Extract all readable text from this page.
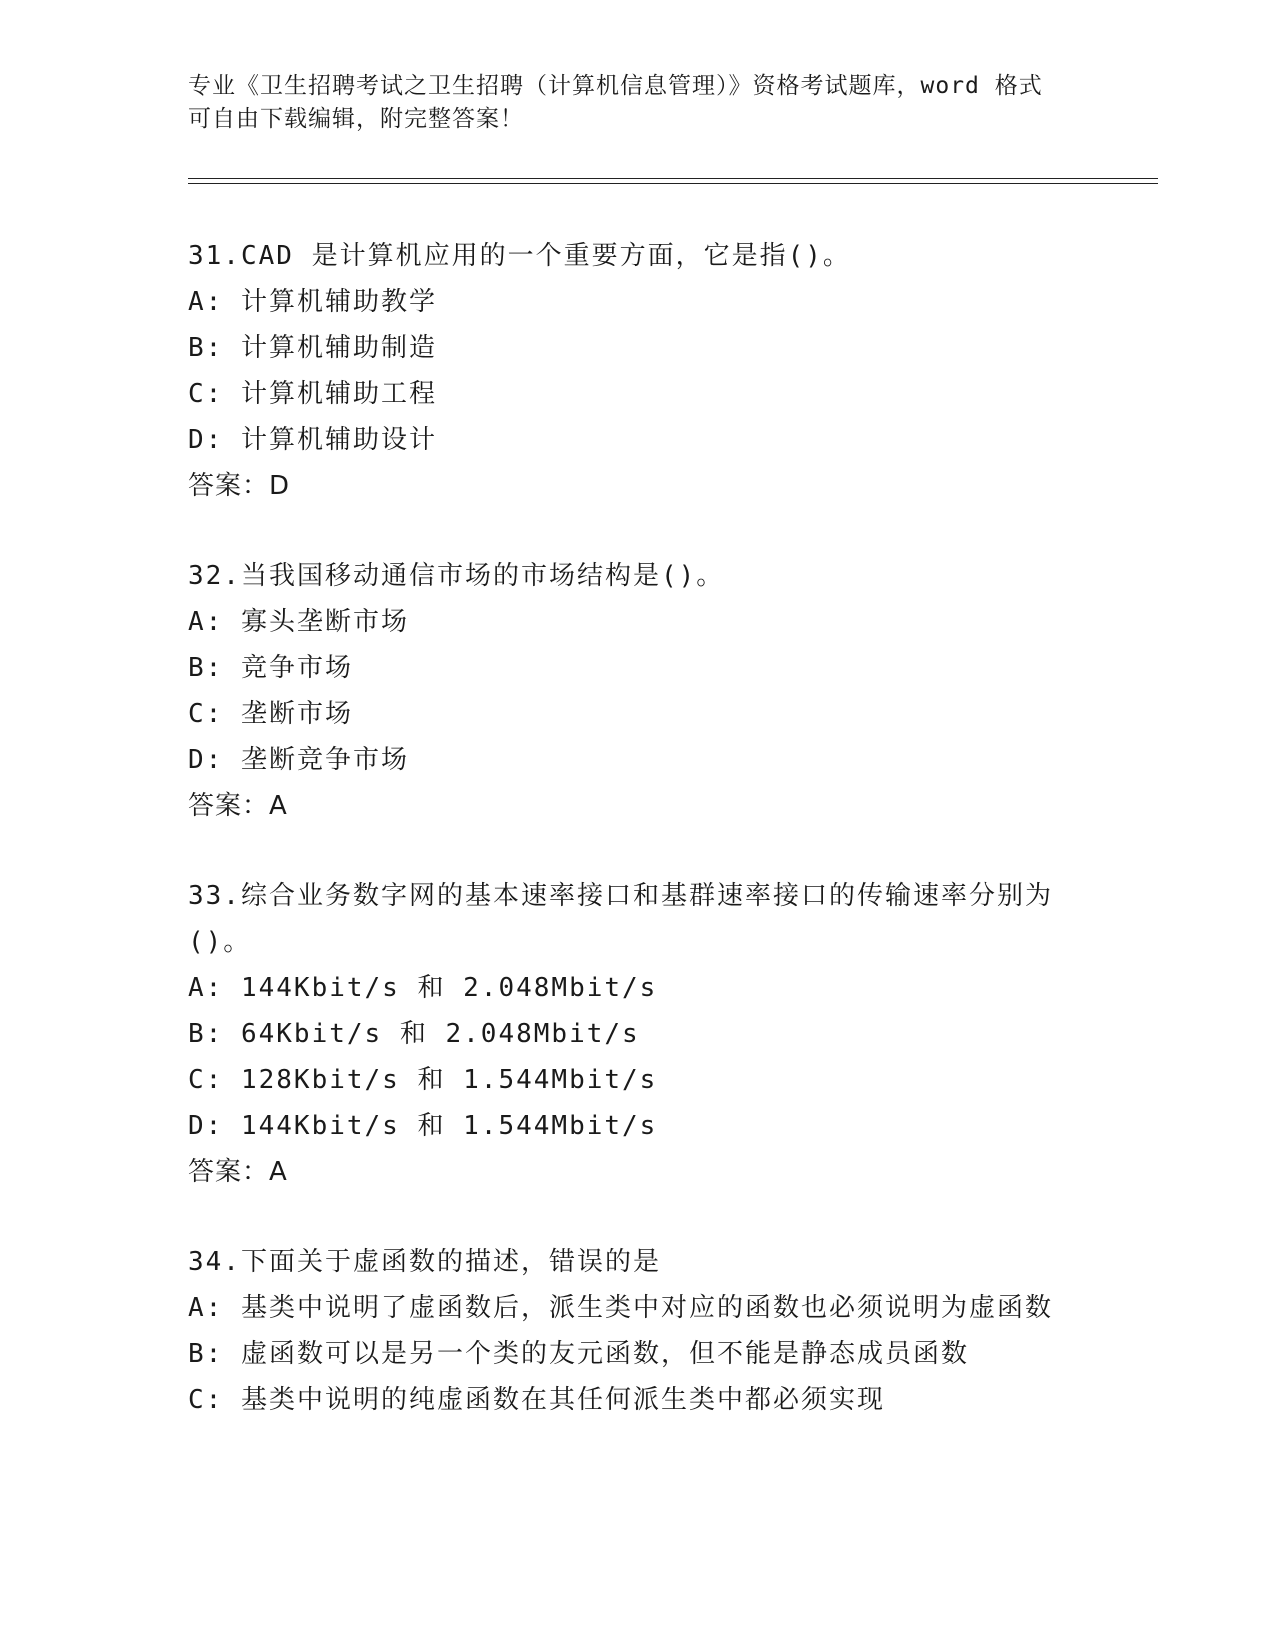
专业《卫生招聘考试之卫生招聘（计算机信息管理）》资格考试题库，word 格式

可自由下载编辑，附完整答案！

31.CAD 是计算机应用的一个重要方面，它是指()。
A: 计算机辅助教学
B: 计算机辅助制造
C: 计算机辅助工程
D: 计算机辅助设计
答案：D
32.当我国移动通信市场的市场结构是()。
A: 寡头垄断市场
B: 竞争市场
C: 垄断市场
D: 垄断竞争市场
答案：A
33.综合业务数字网的基本速率接口和基群速率接口的传输速率分别为
()。
A: 144Kbit/s 和 2.048Mbit/s
B: 64Kbit/s 和 2.048Mbit/s
C: 128Kbit/s 和 1.544Mbit/s
D: 144Kbit/s 和 1.544Mbit/s
答案：A
34.下面关于虚函数的描述，错误的是
A: 基类中说明了虚函数后，派生类中对应的函数也必须说明为虚函数
B: 虚函数可以是另一个类的友元函数，但不能是静态成员函数
C: 基类中说明的纯虚函数在其任何派生类中都必须实现
